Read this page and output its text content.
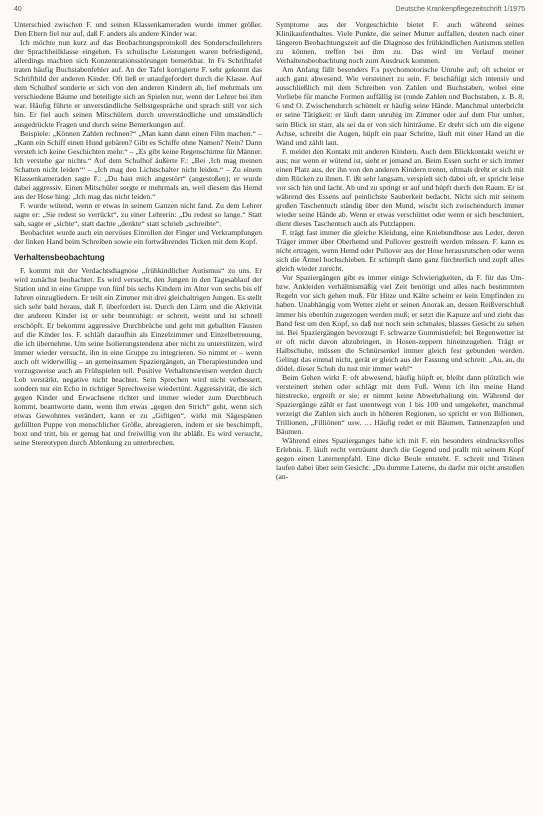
40	Deutsche Krankenpflegezeitschrift 1/1975

Unterschied zwischen F. und seinen Klassenkameraden wurde immer größer. Den Eltern fiel nur auf, daß F. anders als andere Kinder war.

Ich möchte nun kurz auf das Beobachtungsprotokoll des Sonderschullehrers der Sprachheilklasse eingehen. Fs schulische Leistungen waren befriedigend, allerdings machten sich Konzentrationsstörungen bemerkbar. In Fs Schrifttafel traten häufig Buchstabenfehler auf. An der Tafel korrigierte F. sehr gekonnt das Schriftbild der anderen Kinder. Oft ließ er unaufgefordert durch die Klasse. Auf dem Schulhof sonderte er sich von den anderen Kindern ab, lief mehrmals um verschiedene Bäume und beteiligte sich an Spielen nur, wenn der Lehrer bei ihm war. Häufig führte er unverständliche Selbstgespräche und sprach still vor sich hin. Er fiel auch seinen Mitschülern durch unverständliche und umständlich ausgedrückte Fragen und durch seine Bemerkungen auf.

Beispiele: „Können Zahlen rechnen?“ „Man kann dann einen Film machen.“ – „Kann ein Schiff einen Hund gebären? Gibt es Schiffe ohne Namen? Nein? Dann versteh ich keine Geschichten mehr.“ – „Es gibt keine Regenschirme für Männer. Ich verstehe gar nichts.“ Auf dem Schulhof äußerte F.: „Bei ‚Ich mag meinen Schatten nicht leiden‘“ – „Ich mag den Lichtschalter nicht leiden.“ – Zu einem Klassenkameraden sagte F.: „Du hast mich angestört“ (angestoßen); er wurde dabei aggressiv. Einen Mitschüler sorgte er mehrmals an, weil diesem das Hemd aus der Hose hing: „Ich mag das nicht leiden.“

F. wurde wütend, wenn er etwas in seinem Ganzen nicht fand. Zu dem Lehrer sagte er: „Sie redest so verrückt“, zu einer Lehrerin: „Du redest so lange.“ Statt sah, sagte er „sichte“, statt dachte „denkte“ statt schrieb „schreibte“.

Beobachtet wurde auch ein nervöses Einrollen der Finger und Verkrampfungen der linken Hand beim Schreiben sowie ein fortwährendes Ticken mit dem Kopf.

Verhaltensbeobachtung

F. kommt mit der Verdachtsdiagnose „frühkindlicher Autismus“ zu uns. Er wird zunächst beobachtet. Es wird versucht, den Jungen in den Tagesablauf der Station und in eine Gruppe von fünf bis sechs Kindern im Alter von sechs bis elf Jahren einzugliedern. Er teilt ein Zimmer mit drei gleichaltrigen Jungen. Es stellt sich sehr bald heraus, daß F. überfordert ist. Durch den Lärm und die Aktivität der anderen Kinder ist er sehr beunruhigt: er schreit, weint und ist schnell erschöpft. Er bekommt aggressive Durchbrüche und geht mit geballten Fäusten auf die Kinder los. F. schläft daraufhin als Einzelzimmer und Einzelbetreuung, die ich übernehme. Um seine Isolierungstendenz aber nicht zu unterstützen, wird immer wieder versucht, ihn in eine Gruppe zu integrieren. So nimmt er – wenn auch oft widerwillig – an gemeinsamen Spaziergängen, an Therapiestunden und vorzugsweise auch an Frühspielen teil. Positive Verhaltensweisen werden durch Lob verstärkt, negative nicht beachtet. Sein Sprechen wird nicht verbessert, sondern nur ein Echo in richtiger Sprechweise wiedertönt. Aggressivität, die sich gegen Kinder und Erwachsene richtet und immer wieder zum Durchbruch kommt, beantworte dann, wenn ihm etwas „gegen den Strich“ geht, wenn sich etwas Gewohntes verändert, kann er zu „Giftigen“, wirkt mit Sägespänen gefüllten Puppe von menschlicher Größe, abreagieren, indem er sie beschimpft, boxt und tritt, bis er genug hat und freiwillig von ihr abläßt. Es wird versucht, seine Stereotypen durch Ablenkung zu unterbrechen.

Symptome aus der Vorgeschichte bietet F. auch während seines Klinikaufenthaltes. Viele Punkte, die seiner Mutter auffallen, deuten nach einer längeren Beobachtungszeit auf die Diagnose des frühkindlichen Autismus stellen zu können, treffen bei ihm zu. Das wird im Verlauf meiner Verhaltensbeobachtung noch zum Ausdruck kommen.

Am Anfang fällt besonders F.s psychomotorische Unruhe auf; oft scheint er auch ganz abwesend. Wie versteinert zu sein. F. beschäftigt sich intensiv und ausschließlich mit dem Schreiben von Zahlen und Buchstaben, wobei eine Vorliebe für manche Formen auffällig ist (runde Zahlen und Buchstaben, z. B. 8, 6 und O. Zwischendurch schüttelt er häufig seine Hände. Manchmal unterbricht er seine Tätigkeit: er läuft dann unruhig im Zimmer oder auf dem Flur umher, sein Blick ist starr, als sei da er von sich hinträume. Er dreht sich um die eigene Achse, schreibt die Augen, hüpft ein paar Schritte, läuft mit einer Hand an die Wand und zählt laut.

F. meidet den Kontakt mit anderen Kindern. Auch dem Blickkontakt weicht er aus; nur wenn er wütend ist, sieht er jemand an. Beim Essen sucht er sich immer einen Platz aus, der ihn von den anderen Kindern trennt, oftmals dreht er sich mit dem Rücken zu ihnen. F. ißt sehr langsam, verspielt sich dabei oft, er spricht leise vor sich hin und lacht. Ab und zu springt er auf und hüpft durch den Raum. Er ist während des Essens auf peinlichste Sauberkeit bedacht. Nicht sich mit seinem großen Taschentuch ständig über den Mund, wischt sich zwischendurch immer wieder seine Hände ab. Wenn er etwas verschüttet oder wenn er sich beschmiert, dient dieses Taschentuch auch als Putzlappen.

F. trägt fast immer die gleiche Kleidung, eine Kniebundhose aus Leder, deren Träger immer über Oberhemd und Pullover gestreift werden müssen. F. kann es nicht ertragen, wenn Hemd oder Pullover aus der Hose herausrutschen oder wenn sich die Ärmel hochschieben. Er schimpft dann ganz fürchterlich und zupft alles gleich wieder zurecht.

Vor Spaziergängen gibt es immer einige Schwierigkeiten, da F. für das Um- bzw. Ankleiden verhältnismäßig viel Zeit benötigt und alles nach bestimmten Regeln vor sich gehen muß. Für Hitze und Kälte scheint er kein Empfinden zu haben. Unabhängig vom Wetter zieht er seinen Anorak an, dessen Reißverschluß immer bis obenhin zugezogen werden muß; er setzt die Kapuze auf und zieht das Band fest um den Kopf, so daß nur noch sein schmales, blasses Gesicht zu sehen ist. Bei Spaziergängen bevorzugt F. schwarze Gummistiefel; bei Regenwetter ist er oft nicht davon abzubringen, in Hosen-zeppern hineinzugehen. Trägt er Halbschuhe, müssen die Schnürsenkel immer gleich fest gebunden werden. Gelingt das einmal nicht, gerät er gleich aus der Fassung und schreit: „Au, au, du dödel, dieser Schuh du tust mir immer weh!“

Beim Gehen wirkt F. oft abwesend, häufig hüpft er, bleibt dann plötzlich wie versteinert stehen oder schlägt mit dem Fuß. Wenn ich ihn meine Hand hinstrecke, ergreift er sie; er nimmt keine Abwehrhaltung ein. Während der Spaziergänge zählt er fast unentwegt von 1 bis 100 und umgekehrt, manchmal verzeigt die Zahlen sich auch in höheren Regionen, so spricht er von Billionen, Trillionen, „Filliönen“ usw. … Häufig redet er mit Bäumen, Tannenzapfen und Bäumen.

Während eines Spazierganges habe ich mit F. ein besonders eindrucksvolles Erlebnis. F. läuft recht verträumt durch die Gegend und prallt mit seinem Kopf gegen einen Laternenpfahl. Eine dicke Beule entsteht. F. schreit und Tränen laufen dabei über sein Gesicht: „Du dumme Laterne, du darfst mir nicht anstoßen (an-
